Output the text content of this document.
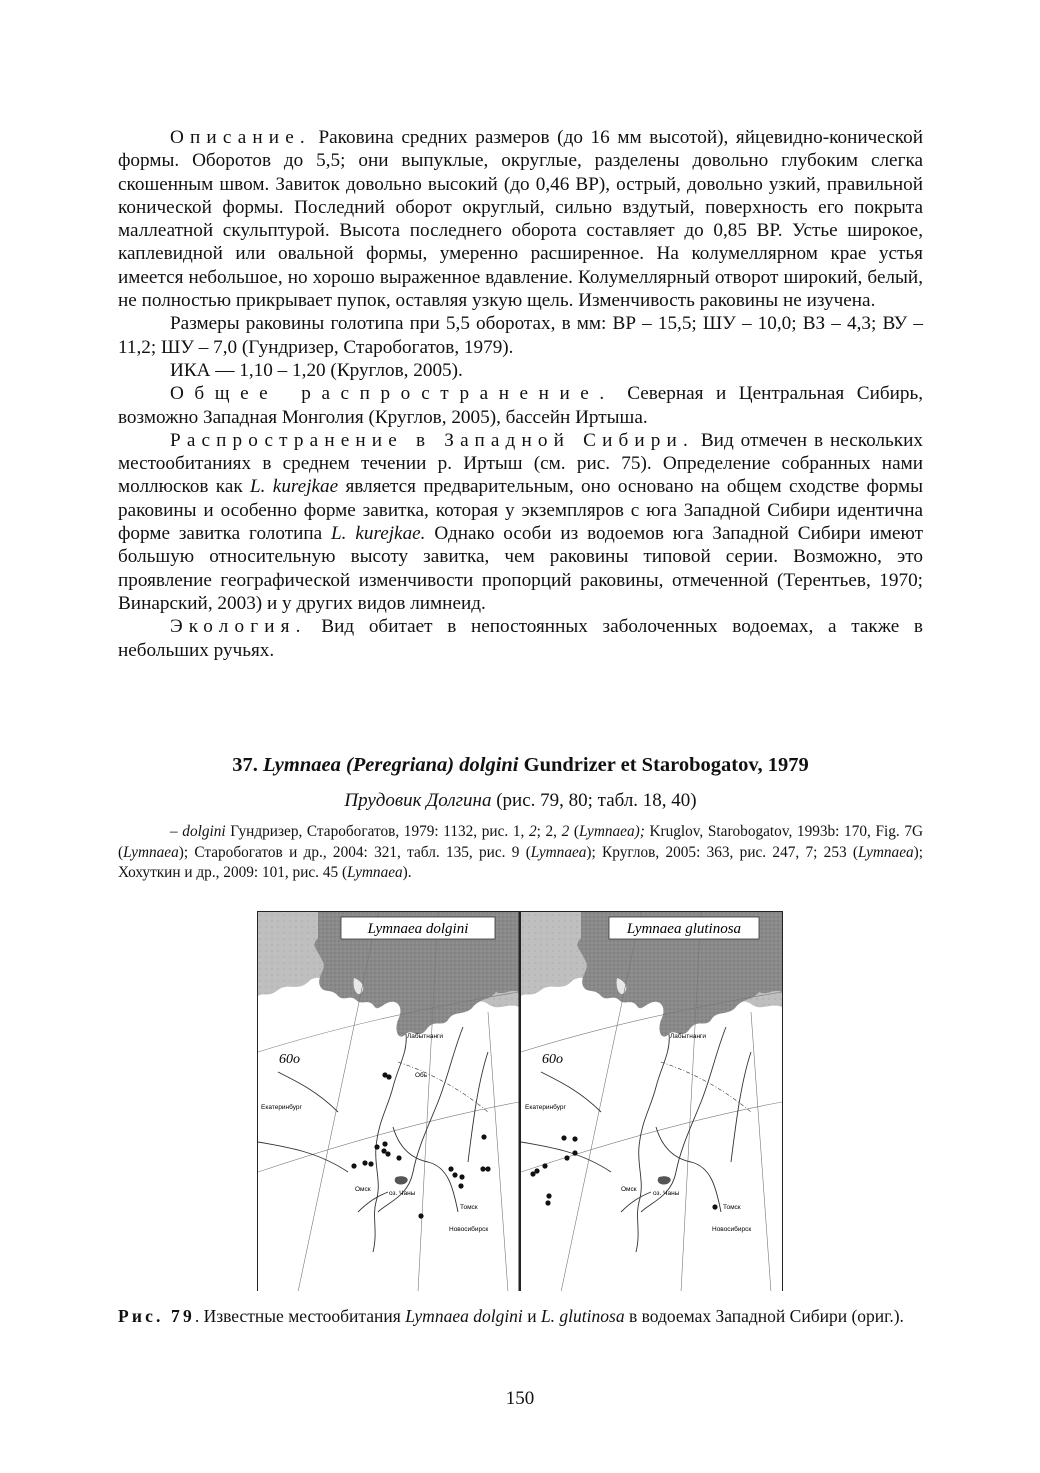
Описание. Раковина средних размеров (до 16 мм высотой), яйцевидно-конической формы. Оборотов до 5,5; они выпуклые, округлые, разделены довольно глубоким слегка скошенным швом. Завиток довольно высокий (до 0,46 ВР), острый, довольно узкий, правильной конической формы. Последний оборот округлый, сильно вздутый, поверхность его покрыта маллеатной скульптурой. Высота последнего оборота составляет до 0,85 ВР. Устье широкое, каплевидной или овальной формы, умеренно расширенное. На колумеллярном крае устья имеется небольшое, но хорошо выраженное вдавление. Колумеллярный отворот широкий, белый, не полностью прикрывает пупок, оставляя узкую щель. Изменчивость раковины не изучена.

Размеры раковины голотипа при 5,5 оборотах, в мм: ВР – 15,5; ШУ – 10,0; ВЗ – 4,3; ВУ – 11,2; ШУ – 7,0 (Гундризер, Старобогатов, 1979).

ИКА — 1,10 – 1,20 (Круглов, 2005).

Общее распространение. Северная и Центральная Сибирь, возможно Западная Монголия (Круглов, 2005), бассейн Иртыша.

Распространение в Западной Сибири. Вид отмечен в нескольких местообитаниях в среднем течении р. Иртыш (см. рис. 75). Определение собранных нами моллюсков как L. kurejkae является предварительным, оно основано на общем сходстве формы раковины и особенно форме завитка, которая у экземпляров с юга Западной Сибири идентична форме завитка голотипа L. kurejkae. Однако особи из водоемов юга Западной Сибири имеют большую относительную высоту завитка, чем раковины типовой серии. Возможно, это проявление географической изменчивости пропорций раковины, отмеченной (Терентьев, 1970; Винарский, 2003) и у других видов лимнеид.

Экология. Вид обитает в непостоянных заболоченных водоемах, а также в небольших ручьях.

37. Lymnaea (Peregriana) dolgini Gundrizer et Starobogatov, 1979

Прудовик Долгина (рис. 79, 80; табл. 18, 40)

– dolgini Гундризер, Старобогатов, 1979: 1132, рис. 1, 2; 2, 2 (Lymnaea); Kruglov, Starobogatov, 1993b: 170, Fig. 7G (Lymnaea); Старобогатов и др., 2004: 321, табл. 135, рис. 9 (Lymnaea); Круглов, 2005: 363, рис. 247, 7; 253 (Lymnaea); Хохуткин и др., 2009: 101, рис. 45 (Lymnaea).

Lymnaea dolgini
60o
Обь
Лабытнанги
Екатеринбург
Омск
Томск
Новосибирск
оз. Чаны
Lymnaea glutinosa
60o
Лабытнанги
Екатеринбург
Омск
Томск
Новосибирск
оз. Чаны

Рис. 79. Известные местообитания Lymnaea dolgini и L. glutinosa в водоемах Западной Сибири (ориг.).

150
